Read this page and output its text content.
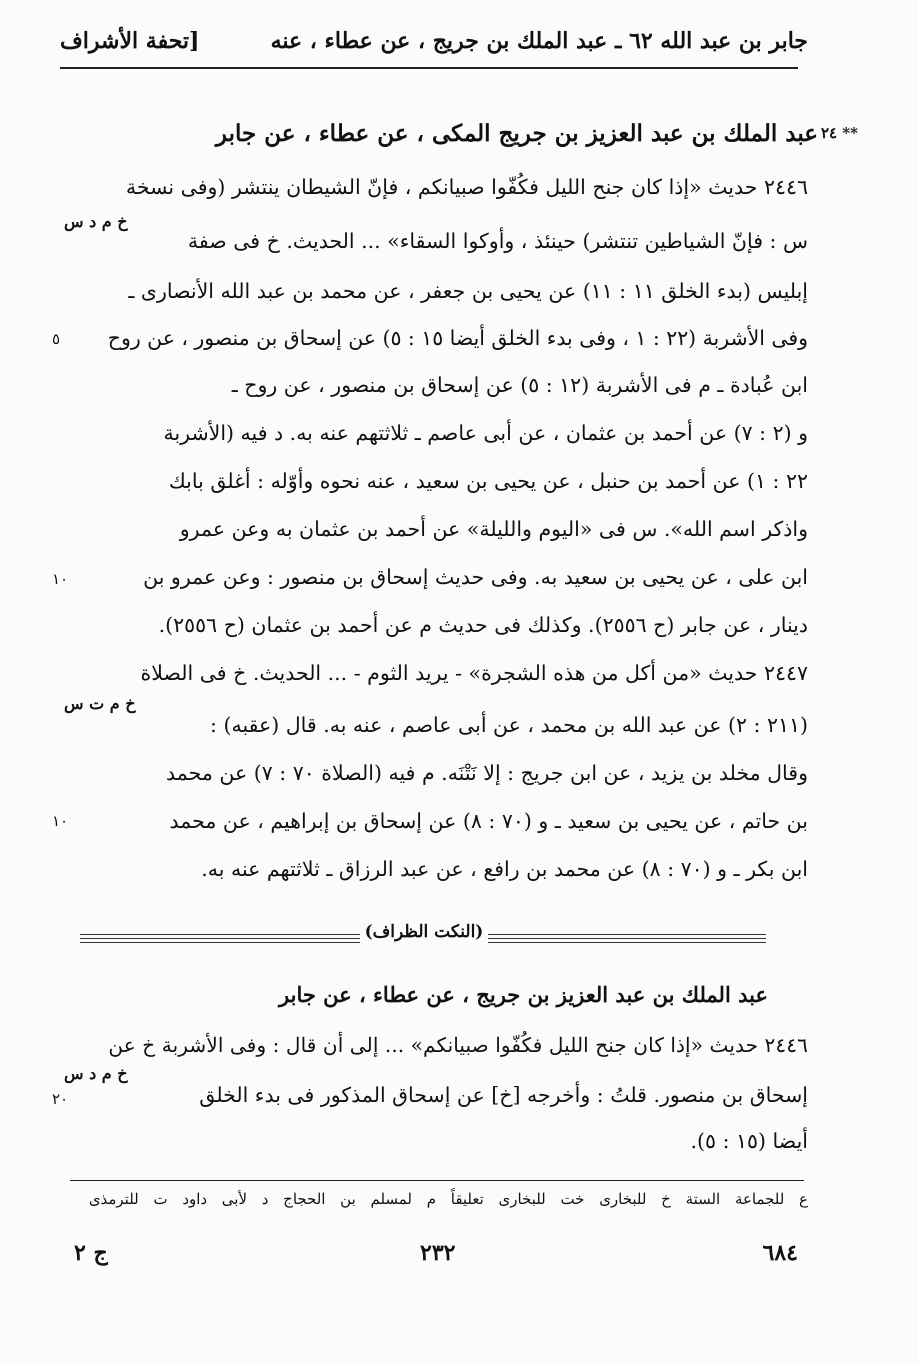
جابر بن عبد الله ٦٢ ـ عبد الملك بن جريج ، عن عطاء ، عنه
[تحفة الأشراف
عبد الملك بن عبد العزيز بن جريج المكى ، عن عطاء ، عن جابر ٢٤ **
٢٤٤٦ حديث «إذا كان جنح الليل فكُفّوا صبيانكم ، فإنّ الشيطان ينتشر (وفى نسخة
س : فإنّ الشياطين تنتشر) حينئذ ، وأوكوا السقاء» ... الحديث. خ فى صفة
إبليس (بدء الخلق ١١ : ١١) عن يحيى بن جعفر ، عن محمد بن عبد الله الأنصارى ـ
وفى الأشربة (٢٢ : ١ ، وفى بدء الخلق أيضا ١٥ : ٥) عن إسحاق بن منصور ، عن روح
ابن عُبادة ـ م فى الأشربة (١٢ : ٥) عن إسحاق بن منصور ، عن روح ـ
و (٢ : ٧) عن أحمد بن عثمان ، عن أبى عاصم ـ ثلاثتهم عنه به. د فيه (الأشربة
٢٢ : ١) عن أحمد بن حنبل ، عن يحيى بن سعيد ، عنه نحوه وأوّله : أغلق بابك
واذكر اسم الله». س فى «اليوم والليلة» عن أحمد بن عثمان به وعن عمرو
ابن على ، عن يحيى بن سعيد به. وفى حديث إسحاق بن منصور : وعن عمرو بن
دينار ، عن جابر (ح ٢٥٥٦). وكذلك فى حديث م عن أحمد بن عثمان (ح ٢٥٥٦).
٢٤٤٧ حديث «من أكل من هذه الشجرة» - يريد الثوم - ... الحديث. خ فى الصلاة
(٢١١ : ٢) عن عبد الله بن محمد ، عن أبى عاصم ، عنه به. قال (عقبه) :
وقال مخلد بن يزيد ، عن ابن جريج : إلا نَتْنَه. م فيه (الصلاة ٧٠ : ٧) عن محمد
بن حاتم ، عن يحيى بن سعيد ـ و (٧٠ : ٨) عن إسحاق بن إبراهيم ، عن محمد
ابن بكر ـ و (٧٠ : ٨) عن محمد بن رافع ، عن عبد الرزاق ـ ثلاثتهم عنه به.
خ م د س
٥
١٠
خ م ت س
١٠
(النكت الظراف)
عبد الملك بن عبد العزيز بن جريج ، عن عطاء ، عن جابر
٢٤٤٦ حديث «إذا كان جنح الليل فكُفّوا صبيانكم» ... إلى أن قال : وفى الأشربة خ عن
إسحاق بن منصور. قلتُ : وأخرجه [خ] عن إسحاق المذكور فى بدء الخلق
أيضا (١٥ : ٥).
خ م د س
٢٠
ع للجماعة الستة خ للبخارى خت للبخارى تعليقاً م لمسلم بن الحجاج د لأبى داود ت للترمذى
٦٨٤
٢٣٢
ج ٢
